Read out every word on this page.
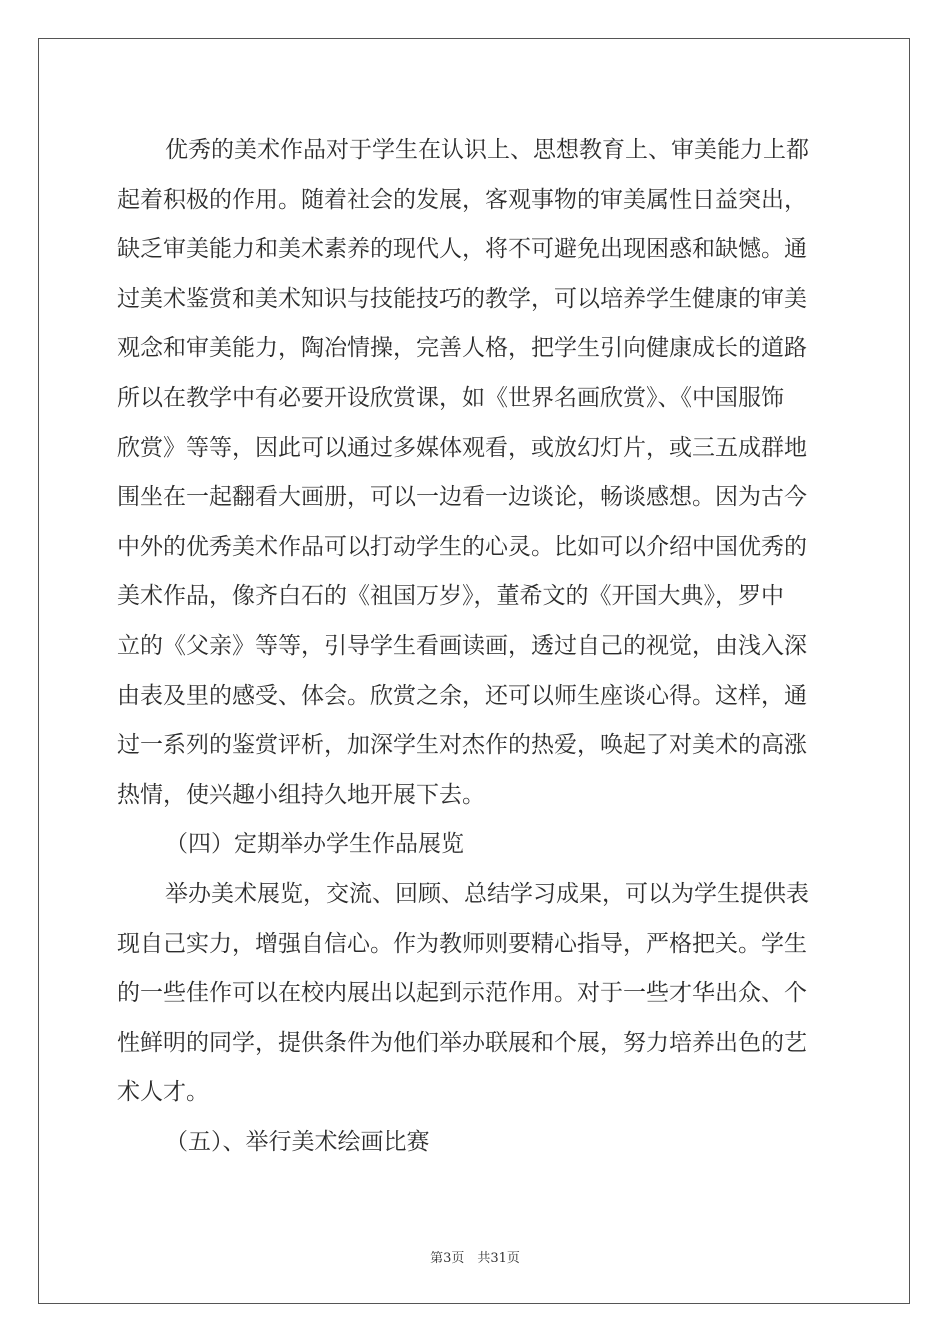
优秀的美术作品对于学生在认识上、思想教育上、审美能力上都
起着积极的作用。随着社会的发展，客观事物的审美属性日益突出，
缺乏审美能力和美术素养的现代人，将不可避免出现困惑和缺憾。通
过美术鉴赏和美术知识与技能技巧的教学，可以培养学生健康的审美
观念和审美能力，陶冶情操，完善人格，把学生引向健康成长的道路
所以在教学中有必要开设欣赏课，如《世界名画欣赏》、《中国服饰
欣赏》等等，因此可以通过多媒体观看，或放幻灯片，或三五成群地
围坐在一起翻看大画册，可以一边看一边谈论，畅谈感想。因为古今
中外的优秀美术作品可以打动学生的心灵。比如可以介绍中国优秀的
美术作品，像齐白石的《祖国万岁》，董希文的《开国大典》，罗中
立的《父亲》等等，引导学生看画读画，透过自己的视觉，由浅入深
由表及里的感受、体会。欣赏之余，还可以师生座谈心得。这样，通
过一系列的鉴赏评析，加深学生对杰作的热爱，唤起了对美术的高涨
热情，使兴趣小组持久地开展下去。
（四）定期举办学生作品展览
举办美术展览，交流、回顾、总结学习成果，可以为学生提供表
现自己实力，增强自信心。作为教师则要精心指导，严格把关。学生
的一些佳作可以在校内展出以起到示范作用。对于一些才华出众、个
性鲜明的同学，提供条件为他们举办联展和个展，努力培养出色的艺
术人才。
（五）、举行美术绘画比赛
第3页　共31页
